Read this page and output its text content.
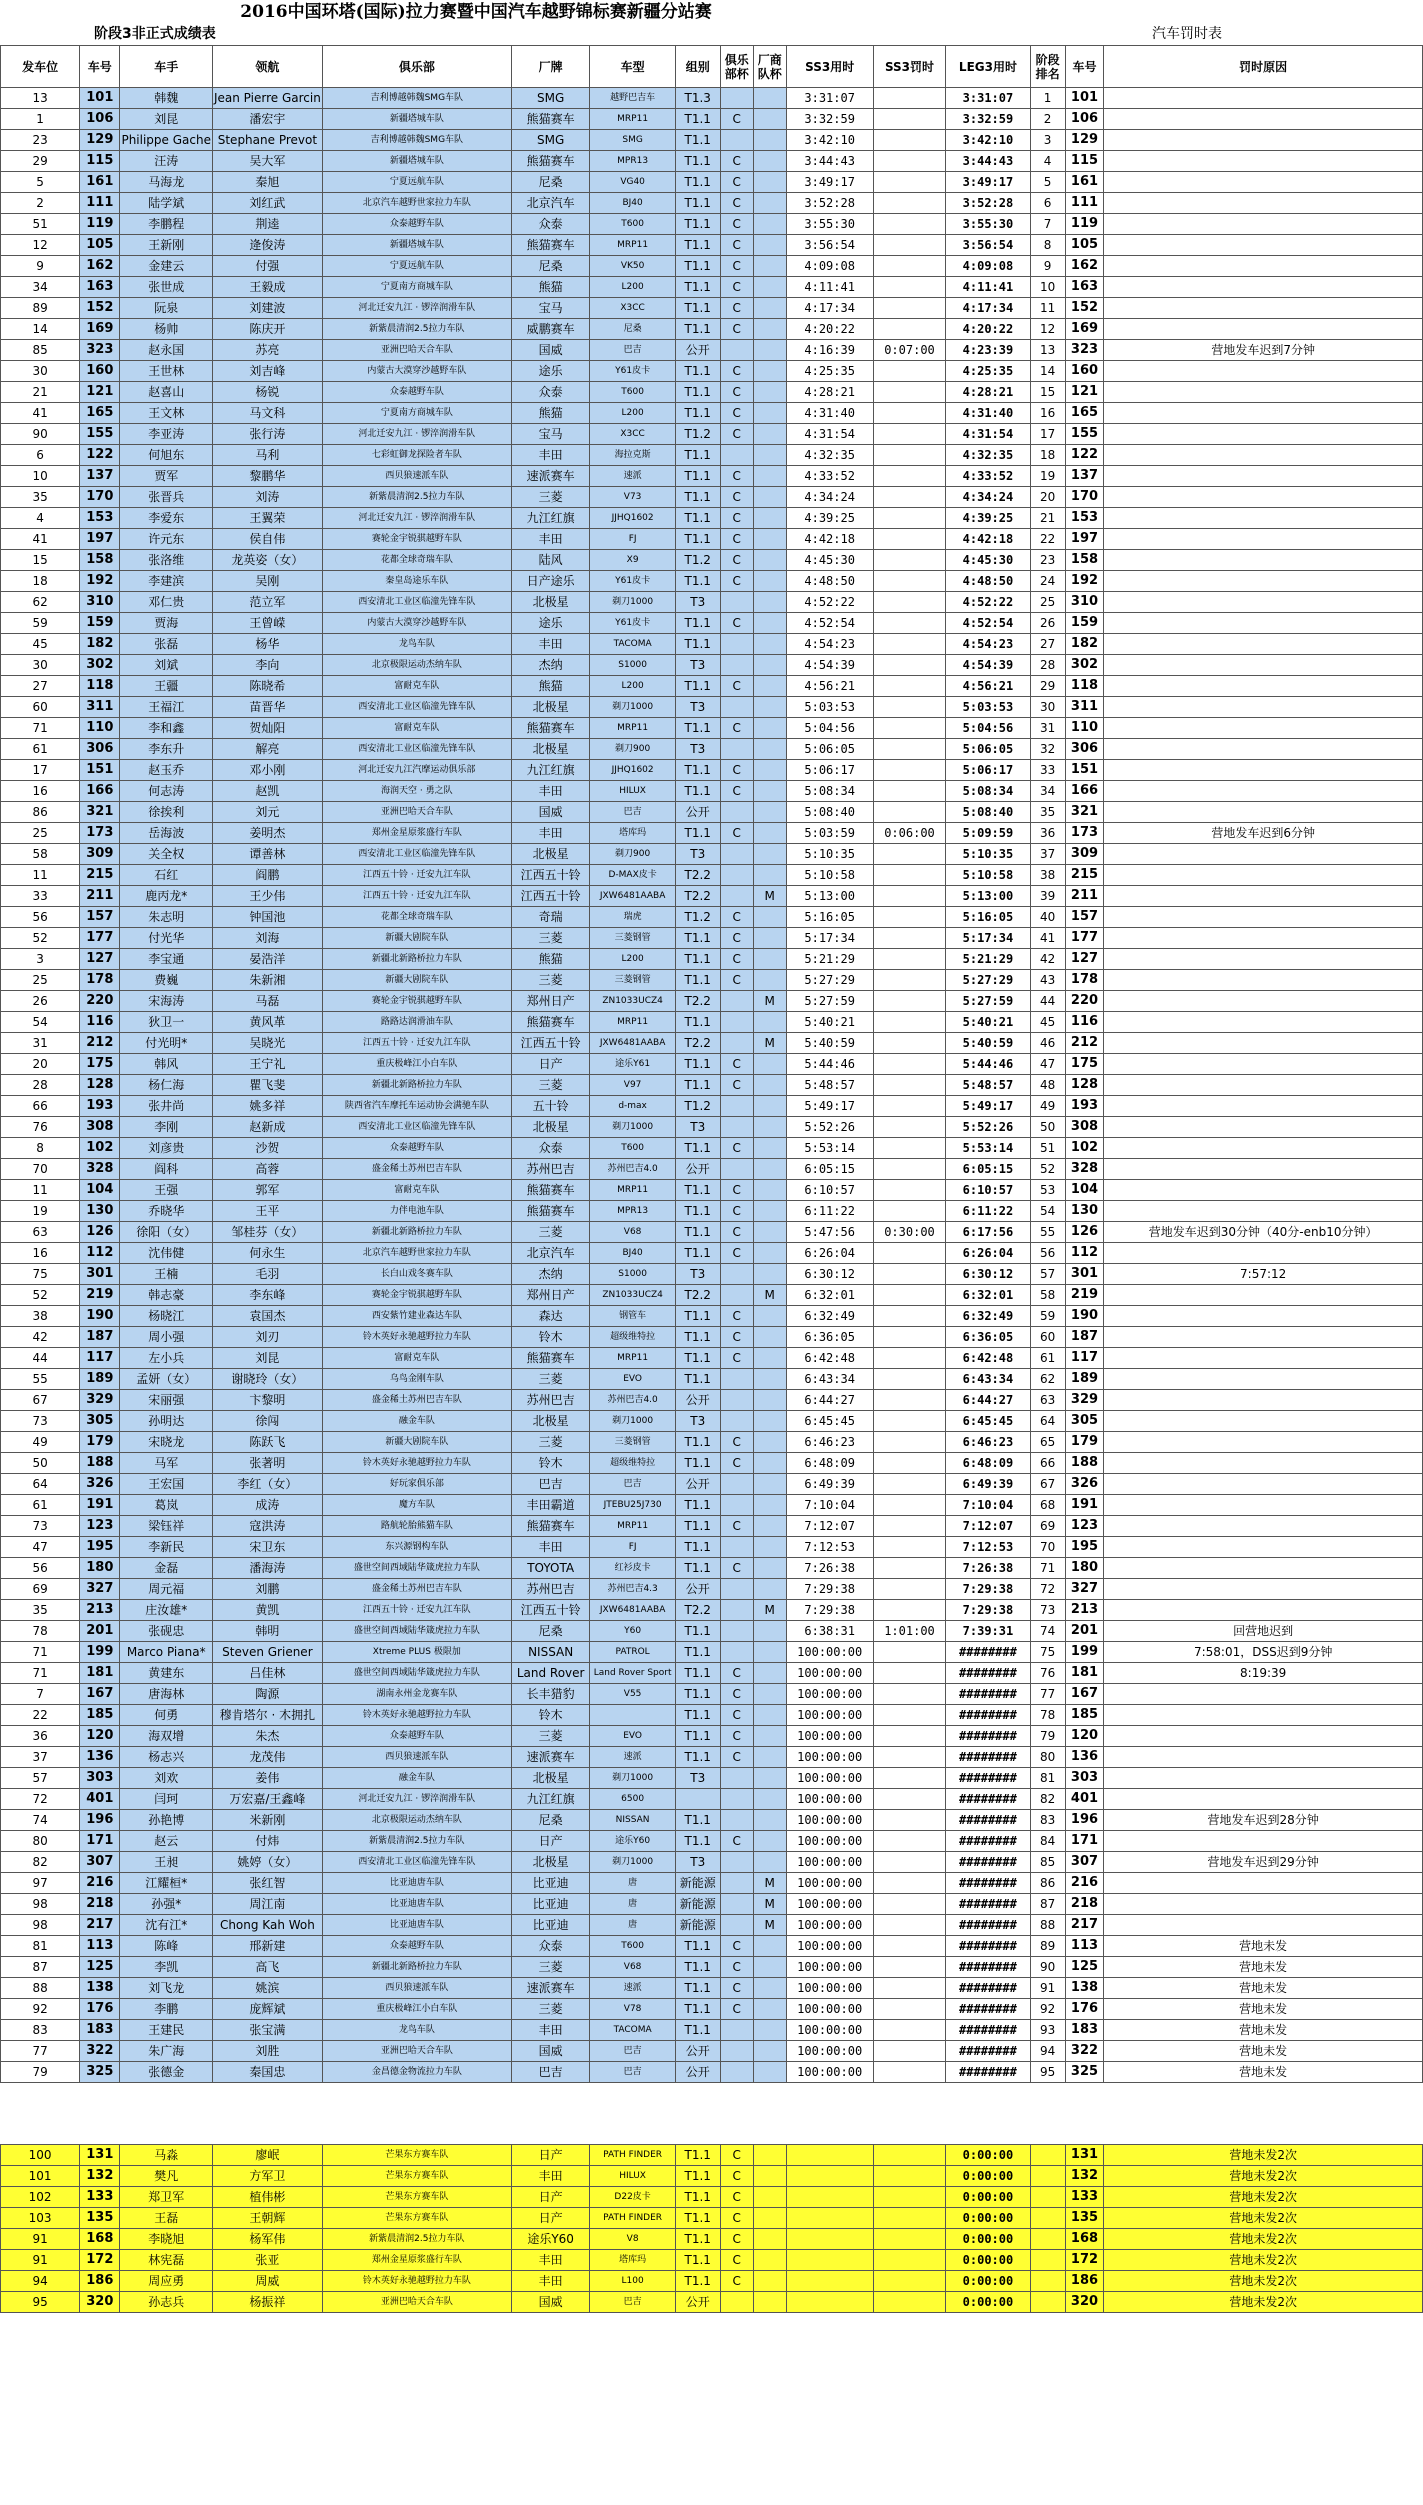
2016中国环塔(国际)拉力赛暨中国汽车越野锦标赛新疆分站赛
阶段3非正式成绩表	汽车罚时表
发车位	车号	车手	领航	俱乐部	厂牌	车型	组别	俱乐部杯	厂商队杯	SS3用时	SS3罚时	LEG3用时	阶段排名	车号	罚时原因
13	101	韩魏	Jean Pierre Garcin	吉利博越韩魏SMG车队	SMG	越野巴吉车	T1.3			3:31:07		3:31:07	1	101	
1	106	刘昆	潘宏宇	新疆塔城车队	熊猫赛车	MRP11	T1.1	C		3:32:59		3:32:59	2	106	
23	129	Philippe Gache	Stephane Prevot	吉利博越韩魏SMG车队	SMG	SMG	T1.1			3:42:10		3:42:10	3	129	
29	115	汪涛	吴大军	新疆塔城车队	熊猫赛车	MPR13	T1.1	C		3:44:43		3:44:43	4	115	
5	161	马海龙	秦旭	宁夏远航车队	尼桑	VG40	T1.1	C		3:49:17		3:49:17	5	161	
2	111	陆学斌	刘红武	北京汽车越野世家拉力车队	北京汽车	BJ40	T1.1	C		3:52:28		3:52:28	6	111	
51	119	李鹏程	荆逵	众泰越野车队	众泰	T600	T1.1	C		3:55:30		3:55:30	7	119	
12	105	王新刚	逄俊涛	新疆塔城车队	熊猫赛车	MRP11	T1.1	C		3:56:54		3:56:54	8	105	
9	162	金建云	付强	宁夏远航车队	尼桑	VK50	T1.1	C		4:09:08		4:09:08	9	162	
34	163	张世成	王毅成	宁夏南方商城车队	熊猫	L200	T1.1	C		4:11:41		4:11:41	10	163	
89	152	阮泉	刘建波	河北迁安九江 · 锣淬润滑车队	宝马	X3CC	T1.1	C		4:17:34		4:17:34	11	152	
14	169	杨帅	陈庆开	新紫晨清润2.5拉力车队	威鹏赛车	尼桑	T1.1	C		4:20:22		4:20:22	12	169	
85	323	赵永国	苏亮	亚洲巴哈天合车队	国威	巴吉	公开			4:16:39	0:07:00	4:23:39	13	323	营地发车迟到7分钟
30	160	王世林	刘吉峰	内蒙古大漠穿沙越野车队	途乐	Y61皮卡	T1.1	C		4:25:35		4:25:35	14	160	
21	121	赵喜山	杨锐	众泰越野车队	众泰	T600	T1.1	C		4:28:21		4:28:21	15	121	
41	165	王文林	马文科	宁夏南方商城车队	熊猫	L200	T1.1	C		4:31:40		4:31:40	16	165	
90	155	李亚涛	张行涛	河北迁安九江 · 锣淬润滑车队	宝马	X3CC	T1.2	C		4:31:54		4:31:54	17	155	
6	122	何旭东	马利	七彩虹御龙探险者车队	丰田	海拉克斯	T1.1			4:32:35		4:32:35	18	122	
10	137	贾军	黎鹏华	西贝狼速派车队	速派赛车	速派	T1.1	C		4:33:52		4:33:52	19	137	
35	170	张晋兵	刘涛	新紫晨清润2.5拉力车队	三菱	V73	T1.1	C		4:34:24		4:34:24	20	170	
4	153	李爱东	王翼荣	河北迁安九江 · 锣淬润滑车队	九江红旗	JJHQ1602	T1.1	C		4:39:25		4:39:25	21	153	
41	197	许元东	侯自伟	赛轮金宇锐骐越野车队	丰田	FJ	T1.1	C		4:42:18		4:42:18	22	197	
15	158	张洛维	龙英姿（女）	花都全球奇瑞车队	陆风	X9	T1.2	C		4:45:30		4:45:30	23	158	
18	192	李建滨	吴刚	秦皇岛途乐车队	日产途乐	Y61皮卡	T1.1	C		4:48:50		4:48:50	24	192	
62	310	邓仁贵	范立军	西安清北工业区临潼先锋车队	北极星	剃刀1000	T3			4:52:22		4:52:22	25	310	
59	159	贾海	王曾嵘	内蒙古大漠穿沙越野车队	途乐	Y61皮卡	T1.1	C		4:52:54		4:52:54	26	159	
45	182	张磊	杨华	龙鸟车队	丰田	TACOMA	T1.1			4:54:23		4:54:23	27	182	
30	302	刘斌	李向	北京极限运动杰纳车队	杰纳	S1000	T3			4:54:39		4:54:39	28	302	
27	118	王疆	陈晓希	富耐克车队	熊猫	L200	T1.1	C		4:56:21		4:56:21	29	118	
60	311	王福江	苗晋华	西安清北工业区临潼先锋车队	北极星	剃刀1000	T3			5:03:53		5:03:53	30	311	
71	110	李和鑫	贺灿阳	富耐克车队	熊猫赛车	MRP11	T1.1	C		5:04:56		5:04:56	31	110	
61	306	李东升	解亮	西安清北工业区临潼先锋车队	北极星	剃刀900	T3			5:06:05		5:06:05	32	306	
17	151	赵玉乔	邓小刚	河北迁安九江汽摩运动俱乐部	九江红旗	JJHQ1602	T1.1	C		5:06:17		5:06:17	33	151	
16	166	何志涛	赵凯	海润天空 · 勇之队	丰田	HILUX	T1.1	C		5:08:34		5:08:34	34	166	
86	321	徐挨利	刘元	亚洲巴哈天合车队	国威	巴吉	公开			5:08:40		5:08:40	35	321	
25	173	岳海波	姜明杰	郑州金星原浆盛行车队	丰田	塔库玛	T1.1	C		5:03:59	0:06:00	5:09:59	36	173	营地发车迟到6分钟
58	309	关全权	谭善林	西安清北工业区临潼先锋车队	北极星	剃刀900	T3			5:10:35		5:10:35	37	309	
11	215	石红	阎鹏	江西五十铃 · 迁安九江车队	江西五十铃	D-MAX皮卡	T2.2			5:10:58		5:10:58	38	215	
33	211	鹿丙龙*	王少伟	江西五十铃 · 迁安九江车队	江西五十铃	JXW6481AABA	T2.2		M	5:13:00		5:13:00	39	211	
56	157	朱志明	钟国池	花都全球奇瑞车队	奇瑞	瑞虎	T1.2	C		5:16:05		5:16:05	40	157	
52	177	付光华	刘海	新疆大剧院车队	三菱	三菱钢管	T1.1	C		5:17:34		5:17:34	41	177	
3	127	李宝通	晏浩洋	新疆北新路桥拉力车队	熊猫	L200	T1.1	C		5:21:29		5:21:29	42	127	
25	178	费巍	朱新湘	新疆大剧院车队	三菱	三菱钢管	T1.1	C		5:27:29		5:27:29	43	178	
26	220	宋海涛	马磊	赛轮金宇锐骐越野车队	郑州日产	ZN1033UCZ4	T2.2		M	5:27:59		5:27:59	44	220	
54	116	狄卫一	黄风革	路路达润滑油车队	熊猫赛车	MRP11	T1.1			5:40:21		5:40:21	45	116	
31	212	付光明*	吴晓光	江西五十铃 · 迁安九江车队	江西五十铃	JXW6481AABA	T2.2		M	5:40:59		5:40:59	46	212	
20	175	韩风	王宁礼	重庆极峰江小白车队	日产	途乐Y61	T1.1	C		5:44:46		5:44:46	47	175	
28	128	杨仁海	瞿飞斐	新疆北新路桥拉力车队	三菱	V97	T1.1	C		5:48:57		5:48:57	48	128	
66	193	张井尚	姚多祥	陕西省汽车摩托车运动协会满驰车队	五十铃	d-max	T1.2			5:49:17		5:49:17	49	193	
76	308	李刚	赵新成	西安清北工业区临潼先锋车队	北极星	剃刀1000	T3			5:52:26		5:52:26	50	308	
8	102	刘彦贵	沙贺	众泰越野车队	众泰	T600	T1.1	C		5:53:14		5:53:14	51	102	
70	328	阎科	高蓉	盛金稀土苏州巴吉车队	苏州巴吉	苏州巴吉4.0	公开			6:05:15		6:05:15	52	328	
11	104	王强	郭军	富耐克车队	熊猫赛车	MRP11	T1.1	C		6:10:57		6:10:57	53	104	
19	130	乔晓华	王平	力伴电池车队	熊猫赛车	MPR13	T1.1	C		6:11:22		6:11:22	54	130	
63	126	徐阳（女）	邹桂芬（女）	新疆北新路桥拉力车队	三菱	V68	T1.1	C		5:47:56	0:30:00	6:17:56	55	126	营地发车迟到30分钟（40分-enb10分钟）
16	112	沈伟健	何永生	北京汽车越野世家拉力车队	北京汽车	BJ40	T1.1	C		6:26:04		6:26:04	56	112	
75	301	王楠	毛羽	长白山戏冬赛车队	杰纳	S1000	T3			6:30:12		6:30:12	57	301	7:57:12
52	219	韩志豪	李东峰	赛轮金宇锐骐越野车队	郑州日产	ZN1033UCZ4	T2.2		M	6:32:01		6:32:01	58	219	
38	190	杨晓江	袁国杰	西安紫竹建业森达车队	森达	钢管车	T1.1	C		6:32:49		6:32:49	59	190	
42	187	周小强	刘刃	铃木英好永驰越野拉力车队	铃木	超级维特拉	T1.1	C		6:36:05		6:36:05	60	187	
44	117	左小兵	刘昆	富耐克车队	熊猫赛车	MRP11	T1.1	C		6:42:48		6:42:48	61	117	
55	189	孟妍（女）	谢晓玲（女）	乌鸟金刚车队	三菱	EVO	T1.1			6:43:34		6:43:34	62	189	
67	329	宋丽强	卞黎明	盛金稀土苏州巴吉车队	苏州巴吉	苏州巴吉4.0	公开			6:44:27		6:44:27	63	329	
73	305	孙明达	徐闯	融金车队	北极星	剃刀1000	T3			6:45:45		6:45:45	64	305	
49	179	宋晓龙	陈跃飞	新疆大剧院车队	三菱	三菱钢管	T1.1	C		6:46:23		6:46:23	65	179	
50	188	马军	张著明	铃木英好永驰越野拉力车队	铃木	超级维特拉	T1.1	C		6:48:09		6:48:09	66	188	
64	326	王宏国	李红（女）	好玩家俱乐部	巴吉	巴吉	公开			6:49:39		6:49:39	67	326	
61	191	葛岚	成涛	魔方车队	丰田霸道	JTEBU25J730	T1.1			7:10:04		7:10:04	68	191	
73	123	梁钰祥	寇洪涛	路航轮胎熊猫车队	熊猫赛车	MRP11	T1.1	C		7:12:07		7:12:07	69	123	
47	195	李新民	宋卫东	东兴源钢构车队	丰田	FJ	T1.1			7:12:53		7:12:53	70	195	
56	180	金磊	潘海涛	盛世空间西域陆华箴虎拉力车队	TOYOTA	红衫皮卡	T1.1	C		7:26:38		7:26:38	71	180	
69	327	周元福	刘鹏	盛金稀土苏州巴吉车队	苏州巴吉	苏州巴吉4.3	公开			7:29:38		7:29:38	72	327	
35	213	庄汝雄*	黄凯	江西五十铃 · 迁安九江车队	江西五十铃	JXW6481AABA	T2.2		M	7:29:38		7:29:38	73	213	
78	201	张砚忠	韩明	盛世空间西域陆华箴虎拉力车队	尼桑	Y60	T1.1			6:38:31	1:01:00	7:39:31	74	201	回营地迟到
71	199	Marco Piana*	Steven Griener	Xtreme PLUS 极限加	NISSAN	PATROL	T1.1			100:00:00		########	75	199	7:58:01，DSS迟到9分钟
71	181	黄建东	吕佳林	盛世空间西域陆华箴虎拉力车队	Land Rover	Land Rover Sport	T1.1	C		100:00:00		########	76	181	8:19:39
7	167	唐海林	陶源	湖南永州金龙赛车队	长丰猎豹	V55	T1.1	C		100:00:00		########	77	167	
22	185	何勇	穆肯塔尔 · 木拥扎	铃木英好永驰越野拉力车队	铃木		T1.1	C		100:00:00		########	78	185	
36	120	海双增	朱杰	众泰越野车队	三菱	EVO	T1.1	C		100:00:00		########	79	120	
37	136	杨志兴	龙茂伟	西贝狼速派车队	速派赛车	速派	T1.1	C		100:00:00		########	80	136	
57	303	刘欢	姜伟	融金车队	北极星	剃刀1000	T3			100:00:00		########	81	303	
72	401	闫珂	万宏嘉/王鑫峰	河北迁安九江 · 锣淬润滑车队	九江红旗	6500				100:00:00		########	82	401	
74	196	孙艳博	米新刚	北京极限运动杰纳车队	尼桑	NISSAN	T1.1			100:00:00		########	83	196	营地发车迟到28分钟
80	171	赵云	付炜	新紫晨清润2.5拉力车队	日产	途乐Y60	T1.1	C		100:00:00		########	84	171	
82	307	王昶	姚婷（女）	西安清北工业区临潼先锋车队	北极星	剃刀1000	T3			100:00:00		########	85	307	营地发车迟到29分钟
97	216	江耀桓*	张红智	比亚迪唐车队	比亚迪	唐	新能源		M	100:00:00		########	86	216	
98	218	孙强*	周江南	比亚迪唐车队	比亚迪	唐	新能源		M	100:00:00		########	87	218	
98	217	沈有江*	Chong Kah Woh	比亚迪唐车队	比亚迪	唐	新能源		M	100:00:00		########	88	217	
81	113	陈峰	邢新建	众泰越野车队	众泰	T600	T1.1	C		100:00:00		########	89	113	营地未发
87	125	李凯	高飞	新疆北新路桥拉力车队	三菱	V68	T1.1	C		100:00:00		########	90	125	营地未发
88	138	刘飞龙	姚滨	西贝狼速派车队	速派赛车	速派	T1.1	C		100:00:00		########	91	138	营地未发
92	176	李鹏	庞辉斌	重庆极峰江小白车队	三菱	V78	T1.1	C		100:00:00		########	92	176	营地未发
83	183	王建民	张宝满	龙鸟车队	丰田	TACOMA	T1.1			100:00:00		########	93	183	营地未发
77	322	朱广海	刘胜	亚洲巴哈天合车队	国威	巴吉	公开			100:00:00		########	94	322	营地未发
79	325	张德金	秦国忠	金昌德金物流拉力车队	巴吉	巴吉	公开			100:00:00		########	95	325	营地未发

100	131	马淼	廖岷	芒果东方赛车队	日产	PATH FINDER	T1.1	C				0:00:00		131	营地未发2次
101	132	樊凡	方军卫	芒果东方赛车队	丰田	HILUX	T1.1	C				0:00:00		132	营地未发2次
102	133	郑卫军	植伟彬	芒果东方赛车队	日产	D22皮卡	T1.1	C				0:00:00		133	营地未发2次
103	135	王磊	王朝辉	芒果东方赛车队	日产	PATH FINDER	T1.1	C				0:00:00		135	营地未发2次
91	168	李晓旭	杨军伟	新紫晨清润2.5拉力车队	途乐Y60	V8	T1.1	C				0:00:00		168	营地未发2次
91	172	林宪磊	张亚	郑州金星原浆盛行车队	丰田	塔库玛	T1.1	C				0:00:00		172	营地未发2次
94	186	周应勇	周威	铃木英好永驰越野拉力车队	丰田	L100	T1.1	C				0:00:00		186	营地未发2次
95	320	孙志兵	杨振祥	亚洲巴哈天合车队	国威	巴吉	公开					0:00:00		320	营地未发2次
